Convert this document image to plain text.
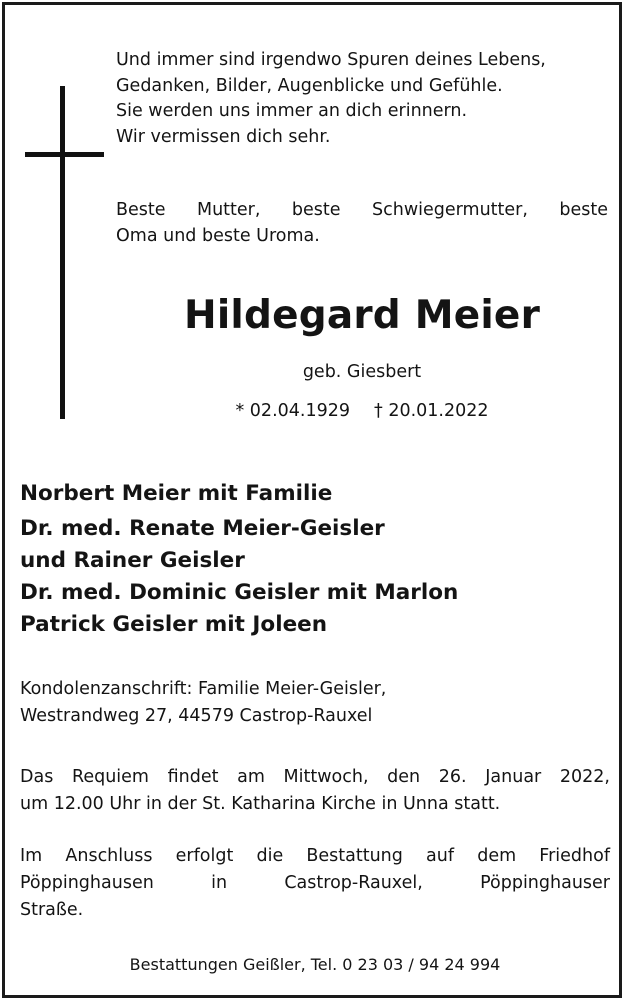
Und immer sind irgendwo Spuren deines Lebens,
Gedanken, Bilder, Augenblicke und Gefühle.
Sie werden uns immer an dich erinnern.
Wir vermissen dich sehr.
Beste Mutter, beste Schwiegermutter, beste
Oma und beste Uroma.
Hildegard Meier
geb. Giesbert
* 02.04.1929 † 20.01.2022
Norbert Meier mit Familie
Dr. med. Renate Meier-Geisler
und Rainer Geisler
Dr. med. Dominic Geisler mit Marlon
Patrick Geisler mit Joleen
Kondolenzanschrift: Familie Meier-Geisler,
Westrandweg 27, 44579 Castrop-Rauxel
Das Requiem findet am Mittwoch, den 26. Januar 2022,
um 12.00 Uhr in der St. Katharina Kirche in Unna statt.
Im Anschluss erfolgt die Bestattung auf dem Friedhof
Pöppinghausen in Castrop-Rauxel, Pöppinghauser
Straße.
Bestattungen Geißler, Tel. 0 23 03 / 94 24 994
